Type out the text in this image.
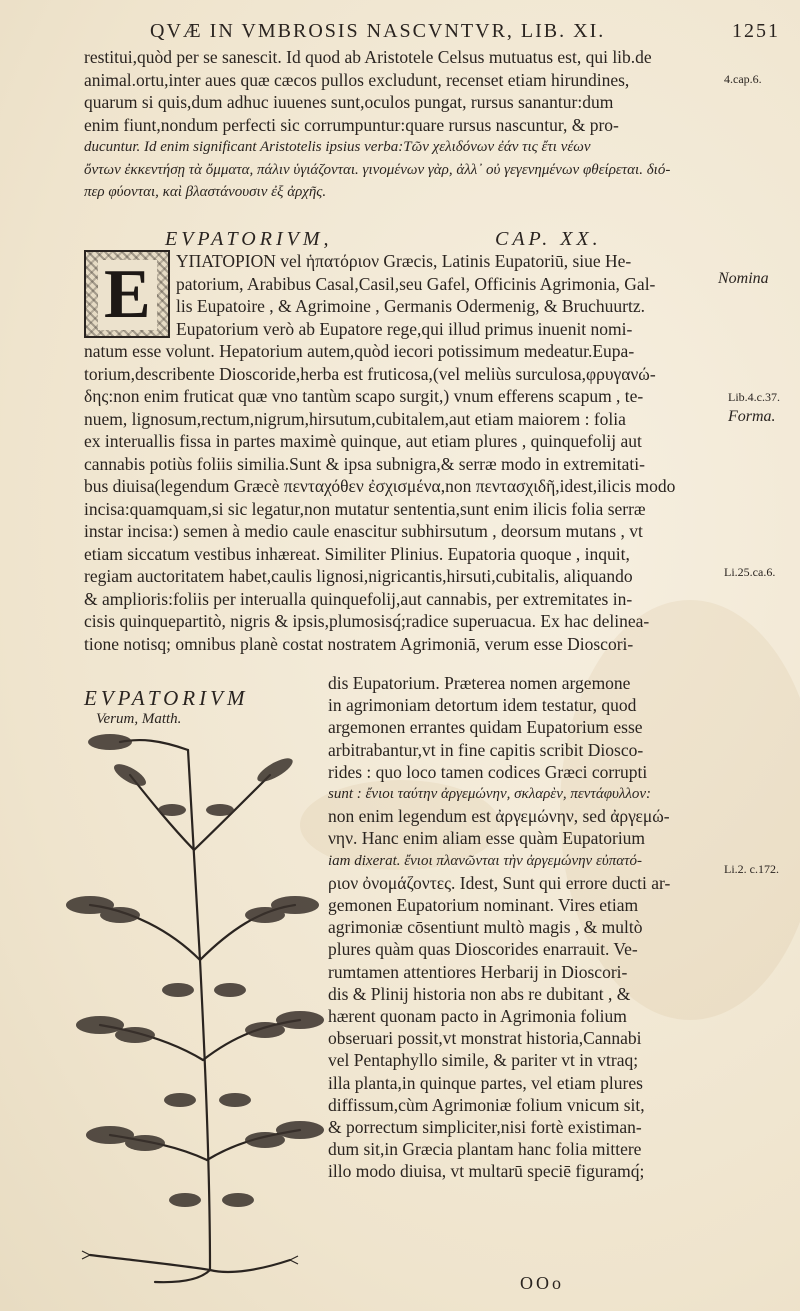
QVÆ IN VMBROSIS NASCVNTVR, LIB. XI.	1251
restitui,quòd per se sanescit. Id quod ab Aristotele Celsus mutuatus est, qui lib.de
animal.ortu,inter aues quæ cæcos pullos excludunt, recenset etiam hirundines,
quarum si quis,dum adhuc iuuenes sunt,oculos pungat, rursus sanantur:dum
enim fiunt,nondum perfecti sic corrumpuntur:quare rursus nascuntur, & pro-
ducuntur. Id enim significant Aristotelis ipsius verba:Τῶν χελιδόνων ἐάν τις ἔτι νέων
ὄντων ἐκκεντήσῃ τὰ ὄμματα, πάλιν ὑγιάζονται. γινομένων γὰρ, ἀλλ᾽ οὐ γεγενημένων φθείρεται. διό-
περ φύονται, καὶ βλαστάνουσιν ἐξ ἀρχῆς.
EVPATORIVM,	CAP. XX.
E	ΥΠΑΤΟΡΙΟΝ vel ἡπατόριον Græcis, Latinis Eupatoriū, siue He-
patorium, Arabibus Casal,Casil,seu Gafel, Officinis Agrimonia, Gal-
lis Eupatoire , & Agrimoine , Germanis Odermenig, & Bruchuurtz.
Eupatorium verò ab Eupatore rege,qui illud primus inuenit nomi-
natum esse volunt. Hepatorium autem,quòd iecori potissimum medeatur.Eupa-
torium,describente Dioscoride,herba est fruticosa,(vel meliùs surculosa,φρυγανώ-
δης:non enim fruticat quæ vno tantùm scapo surgit,) vnum efferens scapum , te-
nuem, lignosum,rectum,nigrum,hirsutum,cubitalem,aut etiam maiorem : folia
ex interuallis fissa in partes maximè quinque, aut etiam plures , quinquefolij aut
cannabis potiùs foliis similia.Sunt & ipsa subnigra,& serræ modo in extremitati-
bus diuisa(legendum Græcè πενταχόθεν ἐσχισμένα,non πεντασχιδῆ,idest,ilicis modo
incisa:quamquam,si sic legatur,non mutatur sententia,sunt enim ilicis folia serræ
instar incisa:) semen à medio caule enascitur subhirsutum , deorsum mutans , vt
etiam siccatum vestibus inhæreat. Similiter Plinius. Eupatoria quoque , inquit,
regiam auctoritatem habet,caulis lignosi,nigricantis,hirsuti,cubitalis, aliquando
& amplioris:foliis per interualla quinquefolij,aut cannabis, per extremitates in-
cisis quinquepartitò, nigris & ipsis,plumosisq́;radice superuacua. Ex hac delinea-
tione notisq; omnibus planè costat nostratem Agrimoniā, verum esse Dioscori-
EVPATORIVM
Verum, Matth.
dis Eupatorium. Præterea nomen argemone
in agrimoniam detortum idem testatur, quod
argemonen errantes quidam Eupatorium esse
arbitrabantur,vt in fine capitis scribit Diosco-
rides : quo loco tamen codices Græci corrupti
sunt : ἔνιοι ταύτην ἀργεμώνην, σκλαρὲν, πεντάφυλλον:
non enim legendum est ἀργεμώνην, sed ἀργεμώ-
νην. Hanc enim aliam esse quàm Eupatorium
iam dixerat. ἔνιοι πλανῶνται τὴν ἀργεμώνην εὐπατό-
ριον ὀνομάζοντες. Idest, Sunt qui errore ducti ar-
gemonen Eupatorium nominant. Vires etiam
agrimoniæ cōsentiunt multò magis , & multò
plures quàm quas Dioscorides enarrauit. Ve-
rumtamen attentiores Herbarij in Dioscori-
dis & Plinij historia non abs re dubitant , &
hærent quonam pacto in Agrimonia folium
obseruari possit,vt monstrat historia,Cannabi
vel Pentaphyllo simile, & pariter vt in vtraq;
illa planta,in quinque partes, vel etiam plures
diffissum,cùm Agrimoniæ folium vnicum sit,
& porrectum simpliciter,nisi fortè existiman-
dum sit,in Græcia plantam hanc folia mittere
illo modo diuisa, vt multarū speciē figuramq́;
OOo
4.cap.6.
Nomina
Lib.4.c.37.
Forma.
Li.25.ca.6.
Li.2. c.172.
